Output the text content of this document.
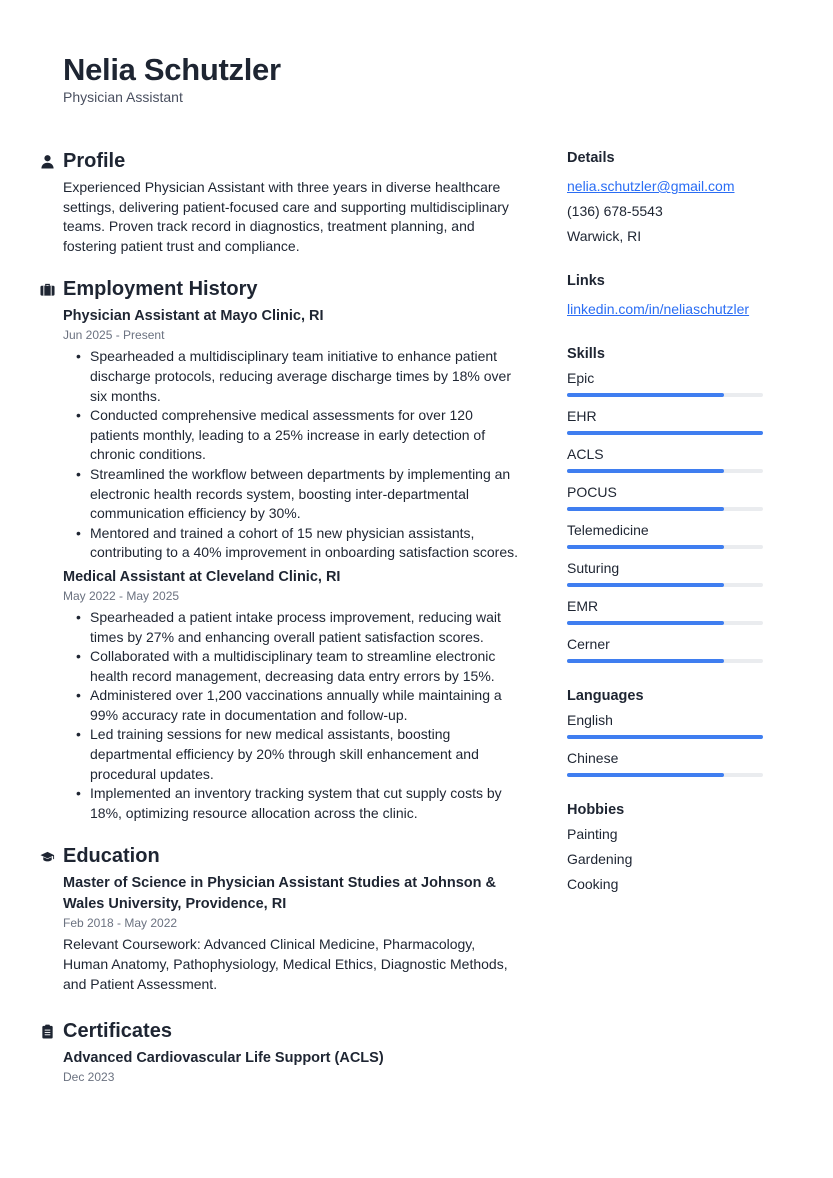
Nelia Schutzler
Physician Assistant
Profile

Experienced Physician Assistant with three years in diverse healthcare settings, delivering patient-focused care and supporting multidisciplinary teams. Proven track record in diagnostics, treatment planning, and fostering patient trust and compliance.

Employment History
Physician Assistant at Mayo Clinic, RI
Jun 2025 - Present
• Spearheaded a multidisciplinary team initiative to enhance patient discharge protocols, reducing average discharge times by 18% over six months.
• Conducted comprehensive medical assessments for over 120 patients monthly, leading to a 25% increase in early detection of chronic conditions.
• Streamlined the workflow between departments by implementing an electronic health records system, boosting inter-departmental communication efficiency by 30%.
• Mentored and trained a cohort of 15 new physician assistants, contributing to a 40% improvement in onboarding satisfaction scores.
Medical Assistant at Cleveland Clinic, RI
May 2022 - May 2025
• Spearheaded a patient intake process improvement, reducing wait times by 27% and enhancing overall patient satisfaction scores.
• Collaborated with a multidisciplinary team to streamline electronic health record management, decreasing data entry errors by 15%.
• Administered over 1,200 vaccinations annually while maintaining a 99% accuracy rate in documentation and follow-up.
• Led training sessions for new medical assistants, boosting departmental efficiency by 20% through skill enhancement and procedural updates.
• Implemented an inventory tracking system that cut supply costs by 18%, optimizing resource allocation across the clinic.
Education
Master of Science in Physician Assistant Studies at Johnson & Wales University, Providence, RI
Feb 2018 - May 2022

Relevant Coursework: Advanced Clinical Medicine, Pharmacology, Human Anatomy, Pathophysiology, Medical Ethics, Diagnostic Methods, and Patient Assessment.

Certificates
Advanced Cardiovascular Life Support (ACLS)
Dec 2023
Details
nelia.schutzler@gmail.com
(136) 678-5543
Warwick, RI
Links
linkedin.com/in/neliaschutzler
Skills
Epic
EHR
ACLS
POCUS
Telemedicine
Suturing
EMR
Cerner
Languages
English
Chinese
Hobbies
Painting
Gardening
Cooking
